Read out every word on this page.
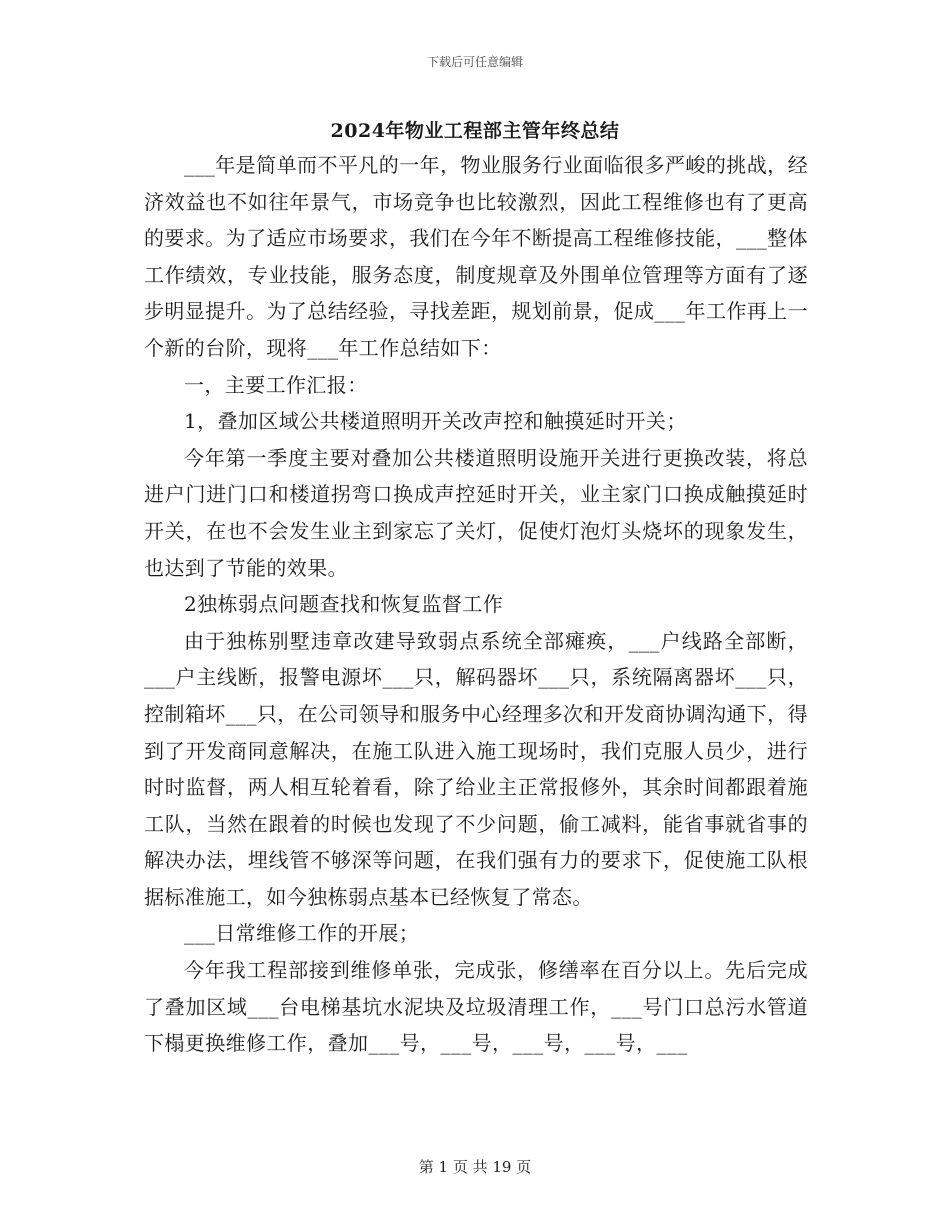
下载后可任意编辑
2024年物业工程部主管年终总结

___年是简单而不平凡的一年，物业服务行业面临很多严峻的挑战，经济效益也不如往年景气，市场竞争也比较激烈，因此工程维修也有了更高的要求。为了适应市场要求，我们在今年不断提高工程维修技能，___整体工作绩效，专业技能，服务态度，制度规章及外围单位管理等方面有了逐步明显提升。为了总结经验，寻找差距，规划前景，促成___年工作再上一个新的台阶，现将___年工作总结如下：

一，主要工作汇报：

1，叠加区域公共楼道照明开关改声控和触摸延时开关；

今年第一季度主要对叠加公共楼道照明设施开关进行更换改装，将总进户门进门口和楼道拐弯口换成声控延时开关，业主家门口换成触摸延时开关，在也不会发生业主到家忘了关灯，促使灯泡灯头烧坏的现象发生，也达到了节能的效果。

2独栋弱点问题查找和恢复监督工作

由于独栋别墅违章改建导致弱点系统全部瘫痪，___户线路全部断，___户主线断，报警电源坏___只，解码器坏___只，系统隔离器坏___只，控制箱坏___只，在公司领导和服务中心经理多次和开发商协调沟通下，得到了开发商同意解决，在施工队进入施工现场时，我们克服人员少，进行时时监督，两人相互轮着看，除了给业主正常报修外，其余时间都跟着施工队，当然在跟着的时候也发现了不少问题，偷工减料，能省事就省事的解决办法，埋线管不够深等问题，在我们强有力的要求下，促使施工队根据标准施工，如今独栋弱点基本已经恢复了常态。

___日常维修工作的开展；

今年我工程部接到维修单张，完成张，修缮率在百分以上。先后完成了叠加区域___台电梯基坑水泥块及垃圾清理工作，___号门口总污水管道下榻更换维修工作，叠加___号，___号，___号，___号，___

第 1 页 共 19 页
